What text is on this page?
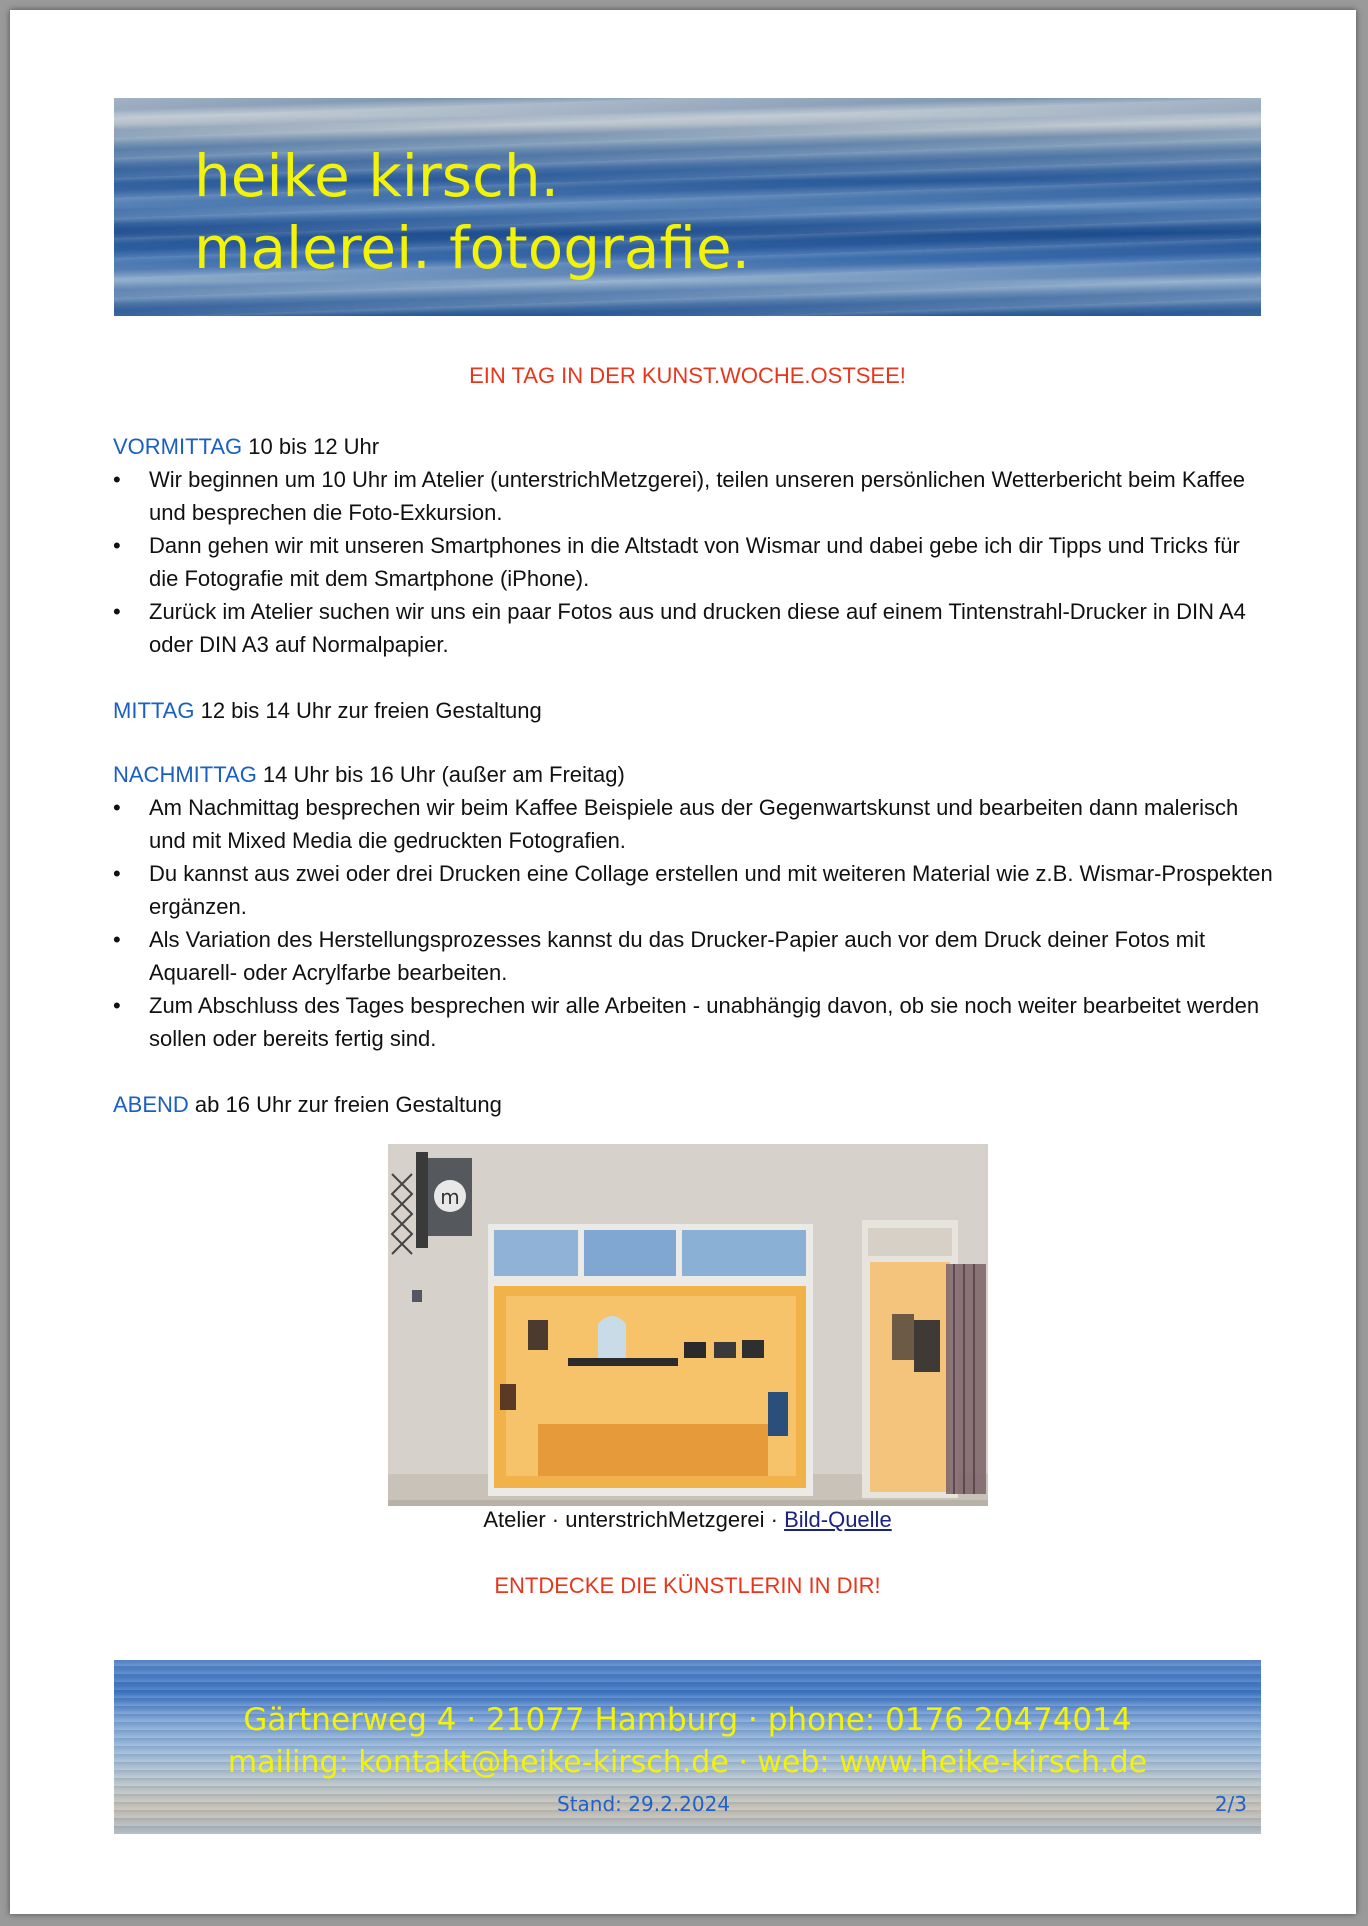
heike kirsch.
malerei. fotografie.
EIN TAG IN DER KUNST.WOCHE.OSTSEE!
VORMITTAG 10 bis 12 Uhr
• Wir beginnen um 10 Uhr im Atelier (unterstrichMetzgerei), teilen unseren persönlichen Wetterbericht beim Kaffee und besprechen die Foto-Exkursion.
• Dann gehen wir mit unseren Smartphones in die Altstadt von Wismar und dabei gebe ich dir Tipps und Tricks für die Fotografie mit dem Smartphone (iPhone).
• Zurück im Atelier suchen wir uns ein paar Fotos aus und drucken diese auf einem Tintenstrahl-Drucker in DIN A4 oder DIN A3 auf Normalpapier.
MITTAG 12 bis 14 Uhr zur freien Gestaltung
NACHMITTAG 14 Uhr bis 16 Uhr (außer am Freitag)
• Am Nachmittag besprechen wir beim Kaffee Beispiele aus der Gegenwartskunst und bearbeiten dann malerisch und mit Mixed Media die gedruckten Fotografien.
• Du kannst aus zwei oder drei Drucken eine Collage erstellen und mit weiteren Material wie z.B. Wismar-Prospekten ergänzen.
• Als Variation des Herstellungsprozesses kannst du das Drucker-Papier auch vor dem Druck deiner Fotos mit Aquarell- oder Acrylfarbe bearbeiten.
• Zum Abschluss des Tages besprechen wir alle Arbeiten - unabhängig davon, ob sie noch weiter bearbeitet werden sollen oder bereits fertig sind.
ABEND ab 16 Uhr zur freien Gestaltung
m
Atelier · unterstrichMetzgerei · Bild-Quelle
ENTDECKE DIE KÜNSTLERIN IN DIR!
Gärtnerweg 4 · 21077 Hamburg · phone: 0176 20474014
mailing: kontakt@heike-kirsch.de · web: www.heike-kirsch.de
Stand: 29.2.2024	2/3
